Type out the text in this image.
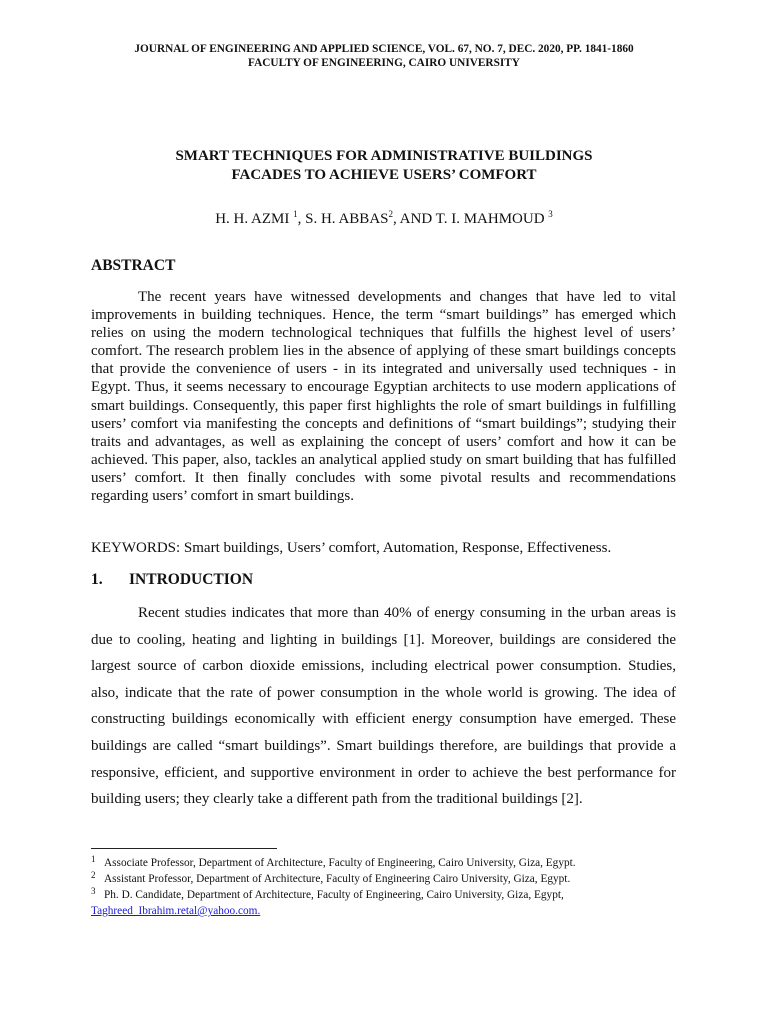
JOURNAL OF ENGINEERING AND APPLIED SCIENCE, VOL. 67, NO. 7, DEC. 2020, PP. 1841-1860
FACULTY OF ENGINEERING, CAIRO UNIVERSITY
SMART TECHNIQUES FOR ADMINISTRATIVE BUILDINGS
FACADES TO ACHIEVE USERS’ COMFORT
H. H. AZMI $^1$, S. H. ABBAS$^2$, AND T. I. MAHMOUD $^3$
ABSTRACT
The recent years have witnessed developments and changes that have led to vital improvements in building techniques. Hence, the term “smart buildings” has emerged which relies on using the modern technological techniques that fulfills the highest level of users’ comfort. The research problem lies in the absence of applying of these smart buildings concepts that provide the convenience of users - in its integrated and universally used techniques - in Egypt. Thus, it seems necessary to encourage Egyptian architects to use modern applications of smart buildings. Consequently, this paper first highlights the role of smart buildings in fulfilling users’ comfort via manifesting the concepts and definitions of “smart buildings”; studying their traits and advantages, as well as explaining the concept of users’ comfort and how it can be achieved. This paper, also, tackles an analytical applied study on smart building that has fulfilled users’ comfort. It then finally concludes with some pivotal results and recommendations regarding users’ comfort in smart buildings.
KEYWORDS: Smart buildings, Users’ comfort, Automation, Response, Effectiveness.
1. INTRODUCTION
Recent studies indicates that more than 40% of energy consuming in the urban areas is due to cooling, heating and lighting in buildings [1]. Moreover, buildings are considered the largest source of carbon dioxide emissions, including electrical power consumption. Studies, also, indicate that the rate of power consumption in the whole world is growing. The idea of constructing buildings economically with efficient energy consumption have emerged. These buildings are called “smart buildings”. Smart buildings therefore, are buildings that provide a responsive, efficient, and supportive environment in order to achieve the best performance for building users; they clearly take a different path from the traditional buildings [2].
1 Associate Professor, Department of Architecture, Faculty of Engineering, Cairo University, Giza, Egypt.
2 Assistant Professor, Department of Architecture, Faculty of Engineering Cairo University, Giza, Egypt.
3 Ph. D. Candidate, Department of Architecture, Faculty of Engineering, Cairo University, Giza, Egypt,
Taghreed_Ibrahim.retal@yahoo.com.
